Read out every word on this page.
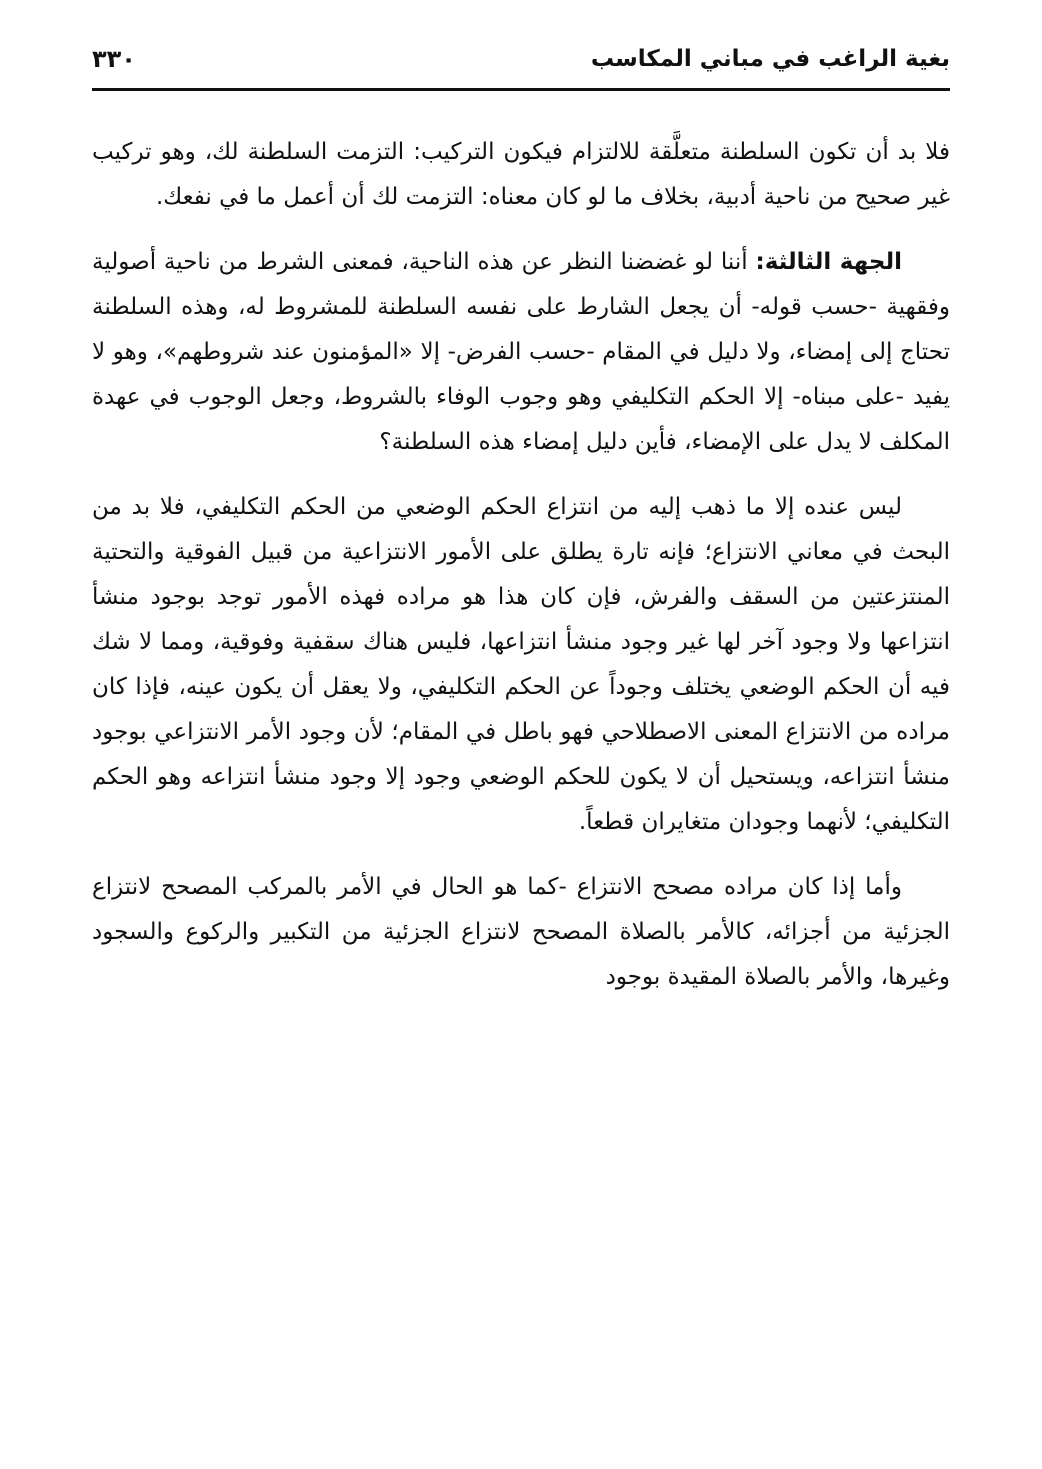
بغية الراغب في مباني المكاسب
٣٣٠

فلا بد أن تكون السلطنة متعلَّقة للالتزام فيكون التركيب: التزمت السلطنة لك، وهو تركيب غير صحيح من ناحية أدبية، بخلاف ما لو كان معناه: التزمت لك أن أعمل ما في نفعك.

الجهة الثالثة: أننا لو غضضنا النظر عن هذه الناحية، فمعنى الشرط من ناحية أصولية وفقهية -حسب قوله- أن يجعل الشارط على نفسه السلطنة للمشروط له، وهذه السلطنة تحتاج إلى إمضاء، ولا دليل في المقام -حسب الفرض- إلا «المؤمنون عند شروطهم»، وهو لا يفيد -على مبناه- إلا الحكم التكليفي وهو وجوب الوفاء بالشروط، وجعل الوجوب في عهدة المكلف لا يدل على الإمضاء، فأين دليل إمضاء هذه السلطنة؟

ليس عنده إلا ما ذهب إليه من انتزاع الحكم الوضعي من الحكم التكليفي، فلا بد من البحث في معاني الانتزاع؛ فإنه تارة يطلق على الأمور الانتزاعية من قبيل الفوقية والتحتية المنتزعتين من السقف والفرش، فإن كان هذا هو مراده فهذه الأمور توجد بوجود منشأ انتزاعها ولا وجود آخر لها غير وجود منشأ انتزاعها، فليس هناك سقفية وفوقية، ومما لا شك فيه أن الحكم الوضعي يختلف وجوداً عن الحكم التكليفي، ولا يعقل أن يكون عينه، فإذا كان مراده من الانتزاع المعنى الاصطلاحي فهو باطل في المقام؛ لأن وجود الأمر الانتزاعي بوجود منشأ انتزاعه، ويستحيل أن لا يكون للحكم الوضعي وجود إلا وجود منشأ انتزاعه وهو الحكم التكليفي؛ لأنهما وجودان متغايران قطعاً.

وأما إذا كان مراده مصحح الانتزاع -كما هو الحال في الأمر بالمركب المصحح لانتزاع الجزئية من أجزائه، كالأمر بالصلاة المصحح لانتزاع الجزئية من التكبير والركوع والسجود وغيرها، والأمر بالصلاة المقيدة بوجود
